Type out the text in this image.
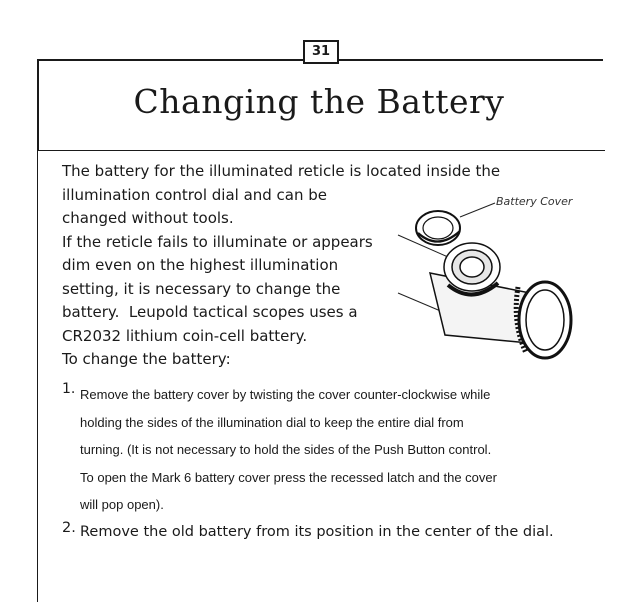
31
Changing the Battery

The battery for the illuminated reticle is located inside the

illumination control dial and can be

changed without tools.

If the reticle fails to illuminate or appears

dim even on the highest illumination

setting, it is necessary to change the

battery.  Leupold tactical scopes uses a

CR2032 lithium coin-cell battery.

To change the battery:

Battery Cover
1. Remove the battery cover by twisting the cover counter-clockwise while
holding the sides of the illumination dial to keep the entire dial from
turning. (It is not necessary to hold the sides of the Push Button control.
To open the Mark 6 battery cover press the recessed latch and the cover
will pop open).
2. Remove the old battery from its position in the center of the dial.
